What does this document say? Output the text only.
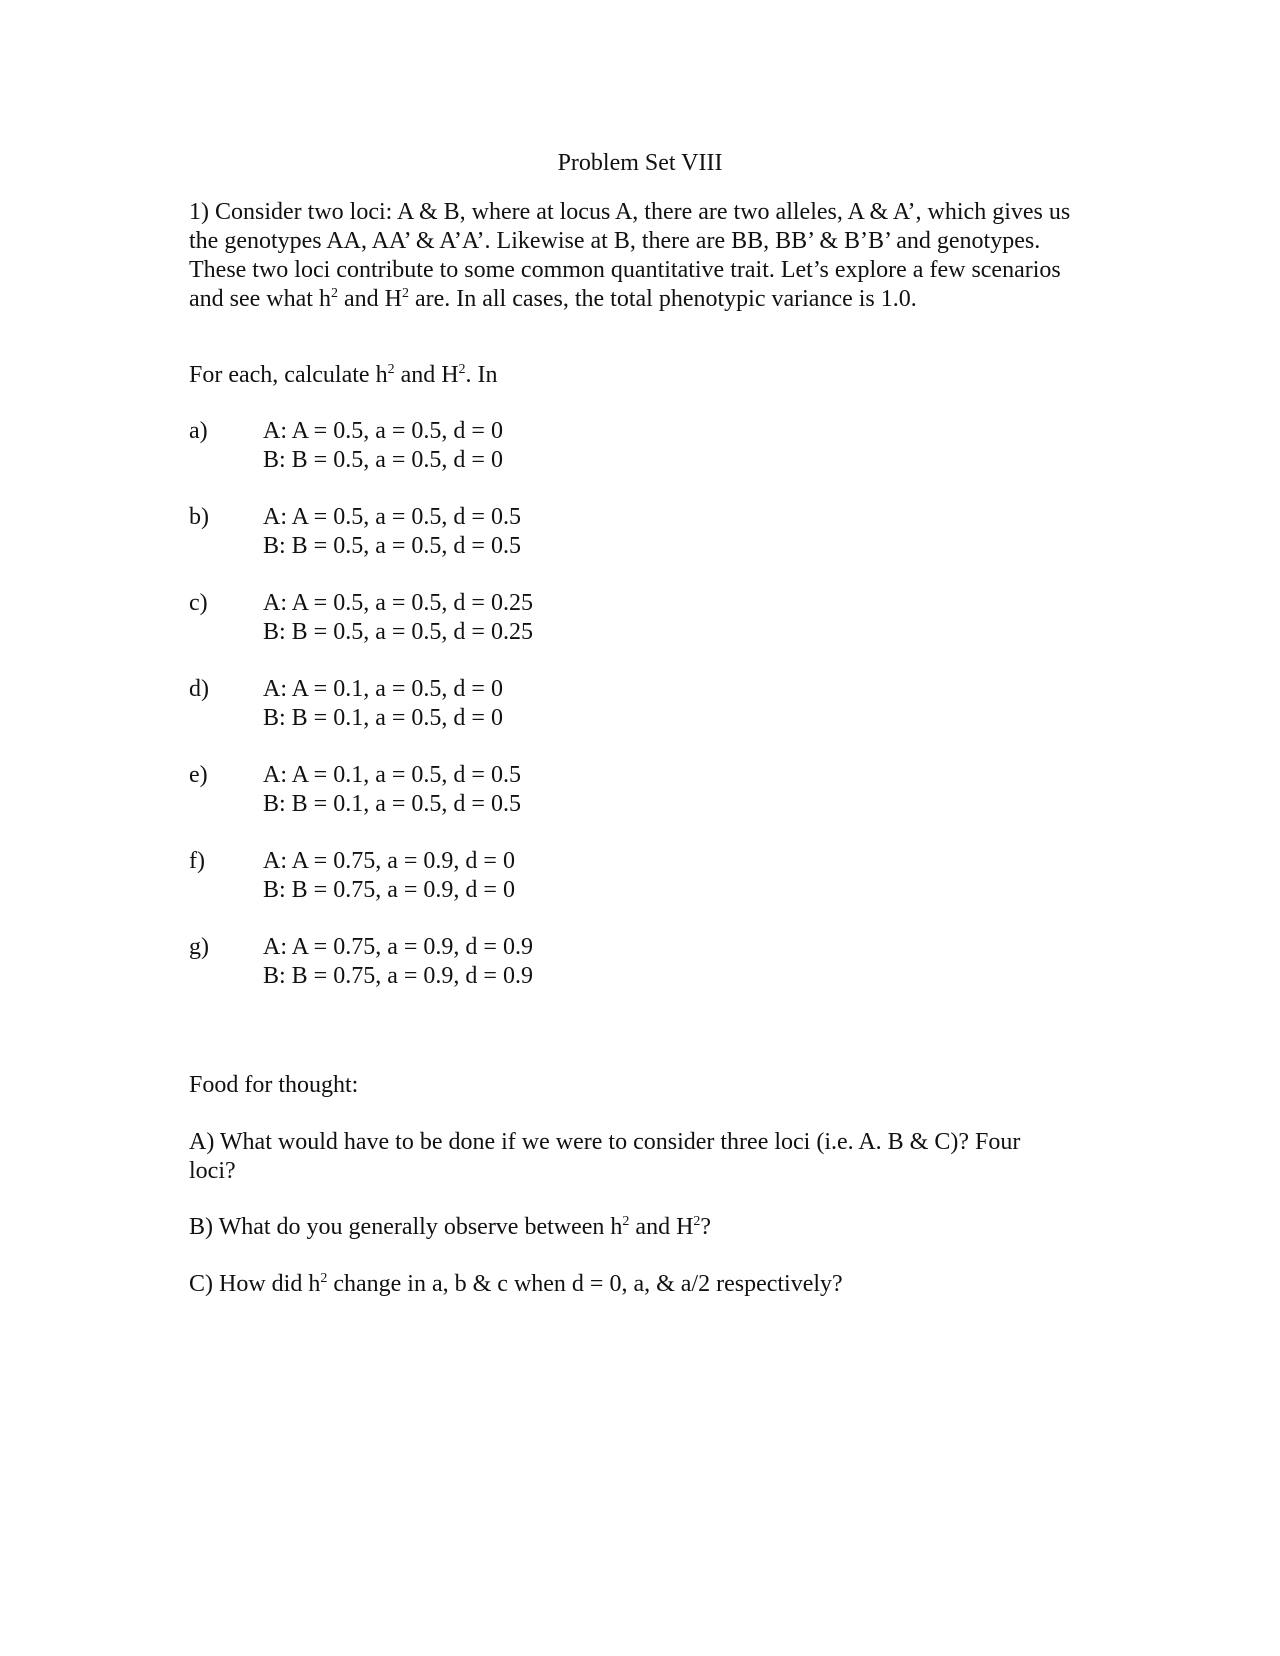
Problem Set VIII
1) Consider two loci: A & B, where at locus A, there are two alleles, A & A’, which gives us the genotypes AA, AA’ & A’A’. Likewise at B, there are BB, BB’ & B’B’ and genotypes. These two loci contribute to some common quantitative trait. Let’s explore a few scenarios and see what $h^2$ and $H^2$ are. In all cases, the total phenotypic variance is 1.0.
For each, calculate $h^2$ and $H^2$. In
a) A: A = 0.5, a = 0.5, d = 0
B: B = 0.5, a = 0.5, d = 0
b) A: A = 0.5, a = 0.5, d = 0.5
B: B = 0.5, a = 0.5, d = 0.5
c) A: A = 0.5, a = 0.5, d = 0.25
B: B = 0.5, a = 0.5, d = 0.25
d) A: A = 0.1, a = 0.5, d = 0
B: B = 0.1, a = 0.5, d = 0
e) A: A = 0.1, a = 0.5, d = 0.5
B: B = 0.1, a = 0.5, d = 0.5
f) A: A = 0.75, a = 0.9, d = 0
B: B = 0.75, a = 0.9, d = 0
g) A: A = 0.75, a = 0.9, d = 0.9
B: B = 0.75, a = 0.9, d = 0.9
Food for thought:
A) What would have to be done if we were to consider three loci (i.e. A. B & C)? Four loci?
B) What do you generally observe between $h^2$ and $H^2$?
C) How did $h^2$ change in a, b & c when d = 0, a, & a/2 respectively?
